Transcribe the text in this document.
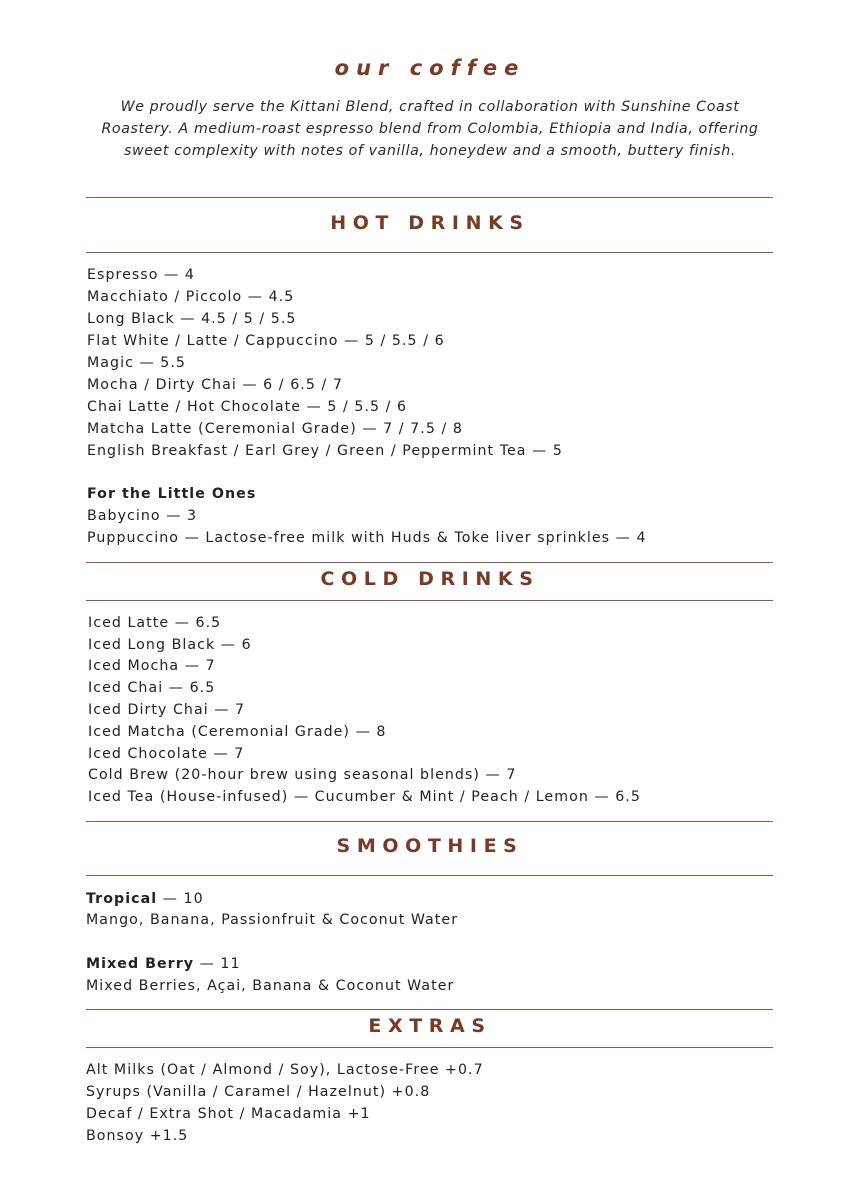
our coffee
We proudly serve the Kittani Blend, crafted in collaboration with Sunshine Coast Roastery. A medium-roast espresso blend from Colombia, Ethiopia and India, offering sweet complexity with notes of vanilla, honeydew and a smooth, buttery finish.
HOT DRINKS
Espresso — 4
Macchiato / Piccolo — 4.5
Long Black — 4.5 / 5 / 5.5
Flat White / Latte / Cappuccino — 5 / 5.5 / 6
Magic — 5.5
Mocha / Dirty Chai — 6 / 6.5 / 7
Chai Latte / Hot Chocolate — 5 / 5.5 / 6
Matcha Latte (Ceremonial Grade) — 7 / 7.5 / 8
English Breakfast / Earl Grey / Green / Peppermint Tea — 5
For the Little Ones
Babycino — 3
Puppuccino — Lactose-free milk with Huds & Toke liver sprinkles — 4
COLD DRINKS
Iced Latte — 6.5
Iced Long Black — 6
Iced Mocha — 7
Iced Chai — 6.5
Iced Dirty Chai — 7
Iced Matcha (Ceremonial Grade) — 8
Iced Chocolate — 7
Cold Brew (20-hour brew using seasonal blends) — 7
Iced Tea (House-infused) — Cucumber & Mint / Peach / Lemon — 6.5
SMOOTHIES
Tropical — 10
Mango, Banana, Passionfruit & Coconut Water
Mixed Berry — 11
Mixed Berries, Açai, Banana & Coconut Water
EXTRAS
Alt Milks (Oat / Almond / Soy), Lactose-Free +0.7
Syrups (Vanilla / Caramel / Hazelnut) +0.8
Decaf / Extra Shot / Macadamia +1
Bonsoy +1.5
